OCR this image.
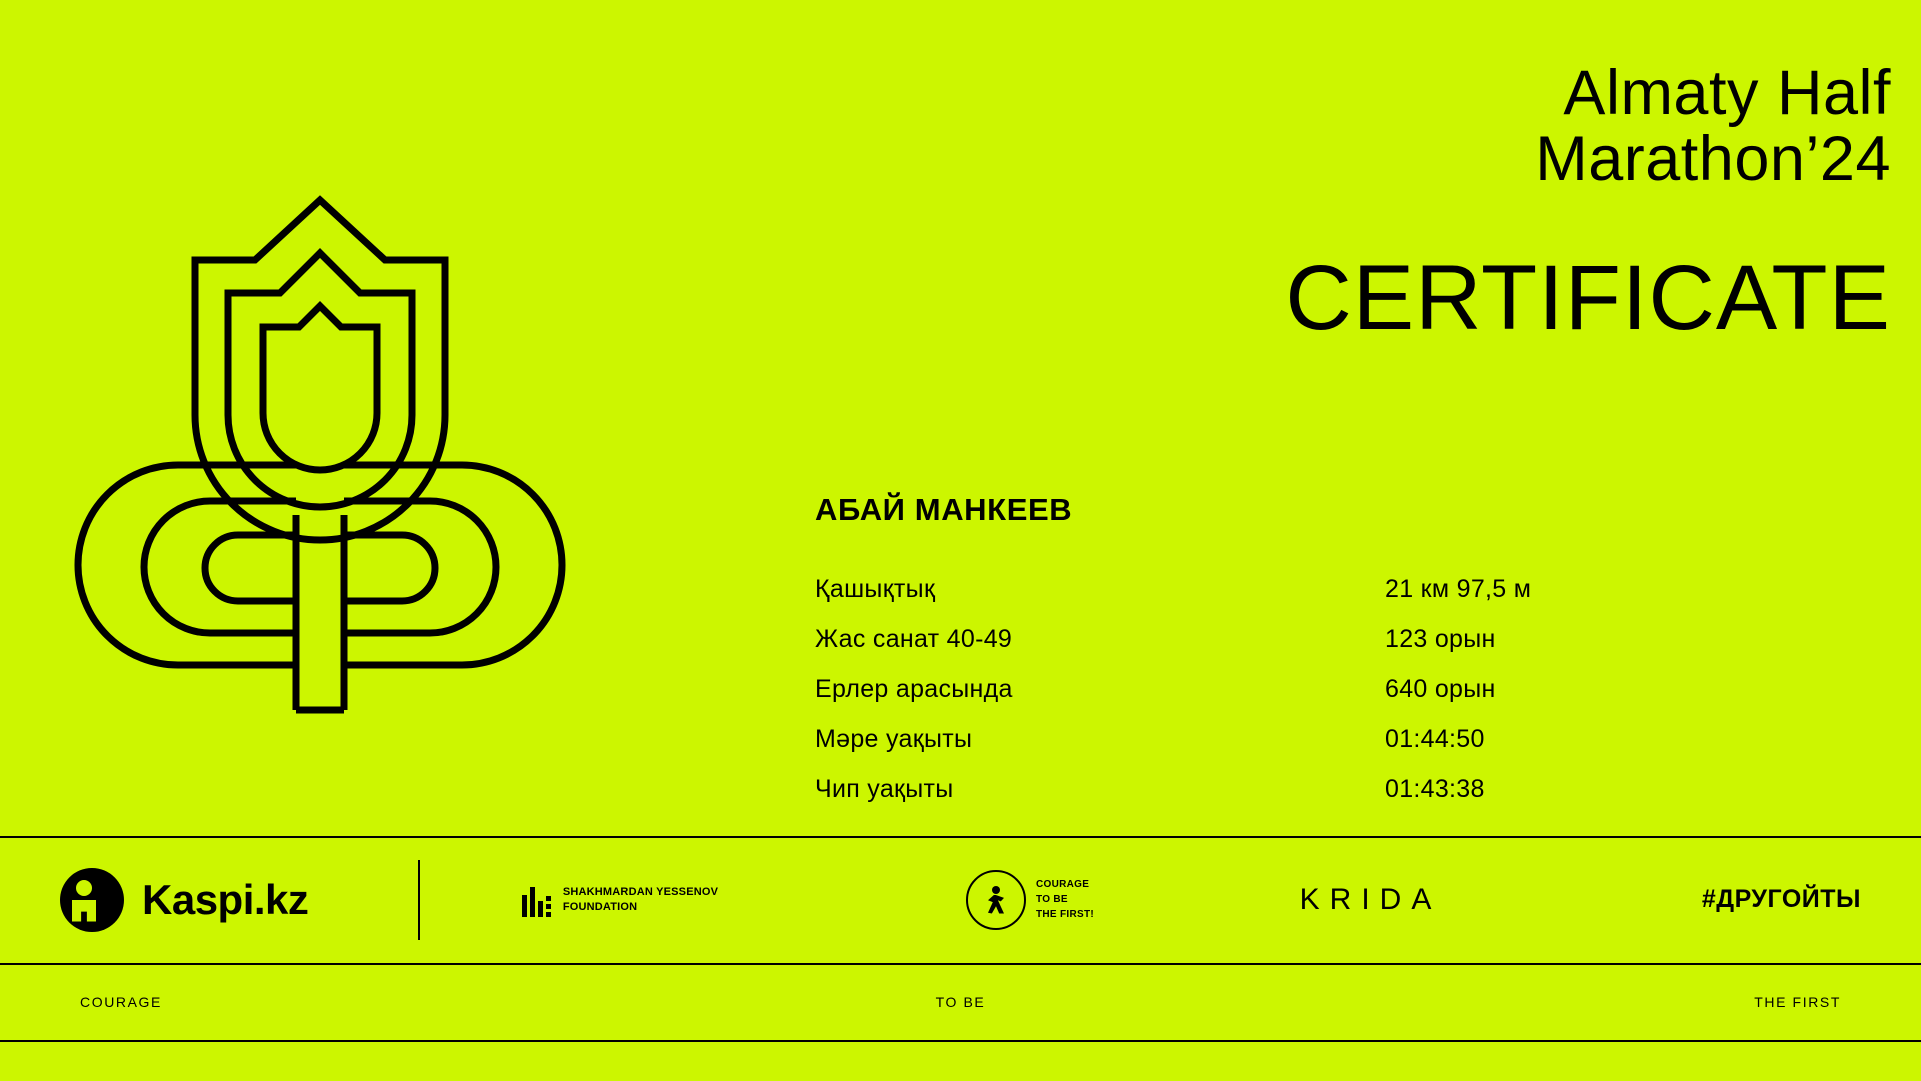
Almaty Half
Marathon’24
CERTIFICATE
АБАЙ МАНКЕЕВ
Қашықтық	21 км 97,5 м
Жас санат 40-49	123 орын
Ерлер арасында	640 орын
Мәре уақыты	01:44:50
Чип уақыты	01:43:38
Kaspi.kz	SHAKHMARDAN YESSENOV
FOUNDATION
COURAGE
TO BE
THE FIRST!	KRIDA	#ДРУГОЙТЫ
COURAGE	TO BE	THE FIRST
